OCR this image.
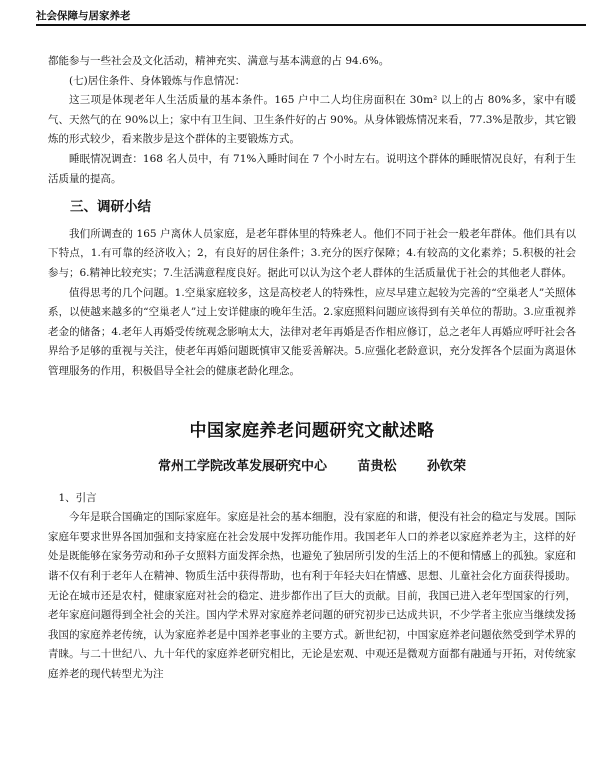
社会保障与居家养老

都能参与一些社会及文化活动，精神充实、满意与基本满意的占 94.6%。

(七)居住条件、身体锻炼与作息情况：

这三项是体现老年人生活质量的基本条件。165 户中二人均住房面积在 30m² 以上的占 80%多，家中有暖气、天然气的在 90%以上；家中有卫生间、卫生条件好的占 90%。从身体锻炼情况来看，77.3%是散步，其它锻炼的形式较少，看来散步是这个群体的主要锻炼方式。

睡眠情况调查：168 名人员中，有 71%入睡时间在 7 个小时左右。说明这个群体的睡眠情况良好，有利于生活质量的提高。

三、调研小结

我们所调查的 165 户离休人员家庭，是老年群体里的特殊老人。他们不同于社会一般老年群体。他们具有以下特点，1.有可靠的经济收入；2，有良好的居住条件；3.充分的医疗保障；4.有较高的文化素养；5.积极的社会参与；6.精神比较充实；7.生活满意程度良好。据此可以认为这个老人群体的生活质量优于社会的其他老人群体。

值得思考的几个问题。1.空巢家庭较多，这是高校老人的特殊性，应尽早建立起较为完善的“空巢老人”关照体系，以使越来越多的“空巢老人”过上安详健康的晚年生活。2.家庭照料问题应该得到有关单位的帮助。3.应重视养老金的储备；4.老年人再婚受传统观念影响太大，法律对老年再婚是否作相应修订，总之老年人再婚应呼吁社会各界给予足够的重视与关注，使老年再婚问题既慎审又能妥善解决。5.应强化老龄意识，充分发挥各个层面为离退休管理服务的作用，积极倡导全社会的健康老龄化理念。

中国家庭养老问题研究文献述略
常州工学院改革发展研究中心 苗贵松 孙钦荣

1、引言

今年是联合国确定的国际家庭年。家庭是社会的基本细胞，没有家庭的和谐，便没有社会的稳定与发展。国际家庭年要求世界各国加强和支持家庭在社会发展中发挥功能作用。我国老年人口的养老以家庭养老为主，这样的好处是既能够在家务劳动和孙子女照料方面发挥余热，也避免了独居所引发的生活上的不便和情感上的孤独。家庭和谐不仅有利于老年人在精神、物质生活中获得帮助，也有利于年轻夫妇在情感、思想、儿童社会化方面获得援助。无论在城市还是农村，健康家庭对社会的稳定、进步都作出了巨大的贡献。目前，我国已进入老年型国家的行列，老年家庭问题得到全社会的关注。国内学术界对家庭养老问题的研究初步已达成共识，不少学者主张应当继续发扬我国的家庭养老传统，认为家庭养老是中国养老事业的主要方式。新世纪初，中国家庭养老问题依然受到学术界的青睐。与二十世纪八、九十年代的家庭养老研究相比，无论是宏观、中观还是微观方面都有融通与开拓，对传统家庭养老的现代转型尤为注
